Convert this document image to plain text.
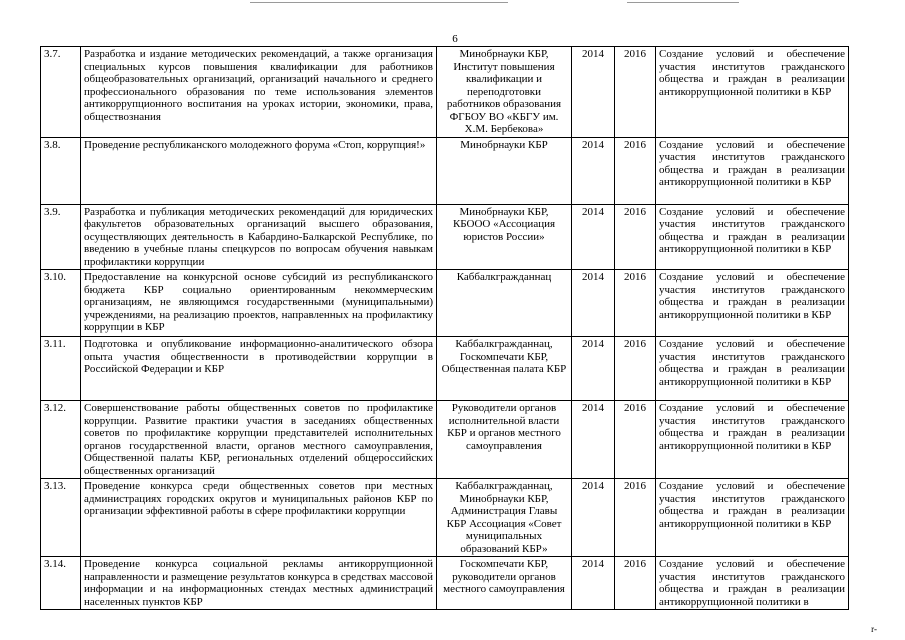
6
3.7.	Разработка и издание методических рекомендаций, а также организация специальных курсов повышения квалификации для работников общеобразовательных организаций, организаций начального и среднего профессионального образования по теме использования элементов антикоррупционного воспитания на уроках истории, экономики, права, обществознания	Минобрнауки КБР, Институт повышения квалификации и переподготовки работников образования ФГБОУ ВО «КБГУ им. Х.М. Бербекова»	2014	2016	Создание условий и обеспечение участия институтов гражданского общества и граждан в реализации антикоррупционной политики в КБР
3.8.	Проведение республиканского молодежного форума «Стоп, коррупция!»	Минобрнауки КБР	2014	2016	Создание условий и обеспечение участия институтов гражданского общества и граждан в реализации антикоррупционной политики в КБР
3.9.	Разработка и публикация методических рекомендаций для юридических факультетов образовательных организаций высшего образования, осуществляющих деятельность в Кабардино-Балкарской Республике, по введению в учебные планы спецкурсов по вопросам обучения навыкам профилактики коррупции	Минобрнауки КБР, КБООО «Ассоциация юристов России»	2014	2016	Создание условий и обеспечение участия институтов гражданского общества и граждан в реализации антикоррупционной политики в КБР
3.10.	Предоставление на конкурсной основе субсидий из республиканского бюджета КБР социально ориентированным некоммерческим организациям, не являющимся государственными (муниципальными) учреждениями, на реализацию проектов, направленных на профилактику коррупции в КБР	Каббалкгражданнац	2014	2016	Создание условий и обеспечение участия институтов гражданского общества и граждан в реализации антикоррупционной политики в КБР
3.11.	Подготовка и опубликование информационно-аналитического обзора опыта участия общественности в противодействии коррупции в Российской Федерации и КБР	Каббалкгражданнац, Госкомпечати КБР, Общественная палата КБР	2014	2016	Создание условий и обеспечение участия институтов гражданского общества и граждан в реализации антикоррупционной политики в КБР
3.12.	Совершенствование работы общественных советов по профилактике коррупции. Развитие практики участия в заседаниях общественных советов по профилактике коррупции представителей исполнительных органов государственной власти, органов местного самоуправления, Общественной палаты КБР, региональных отделений общероссийских общественных организаций	Руководители органов исполнительной власти КБР и органов местного самоуправления	2014	2016	Создание условий и обеспечение участия институтов гражданского общества и граждан в реализации антикоррупционной политики в КБР
3.13.	Проведение конкурса среди общественных советов при местных администрациях городских округов и муниципальных районов КБР по организации эффективной работы в сфере профилактики коррупции	Каббалкгражданнац, Минобрнауки КБР, Администрация Главы КБР Ассоциация «Совет муниципальных образований КБР»	2014	2016	Создание условий и обеспечение участия институтов гражданского общества и граждан в реализации антикоррупционной политики в КБР
3.14.	Проведение конкурса социальной рекламы антикоррупционной направленности и размещение результатов конкурса в средствах массовой информации и на информационных стендах местных администраций населенных пунктов КБР	Госкомпечати КБР, руководители органов местного самоуправления	2014	2016	Создание условий и обеспечение участия институтов гражданского общества и граждан в реализации антикоррупционной политики в
r-
